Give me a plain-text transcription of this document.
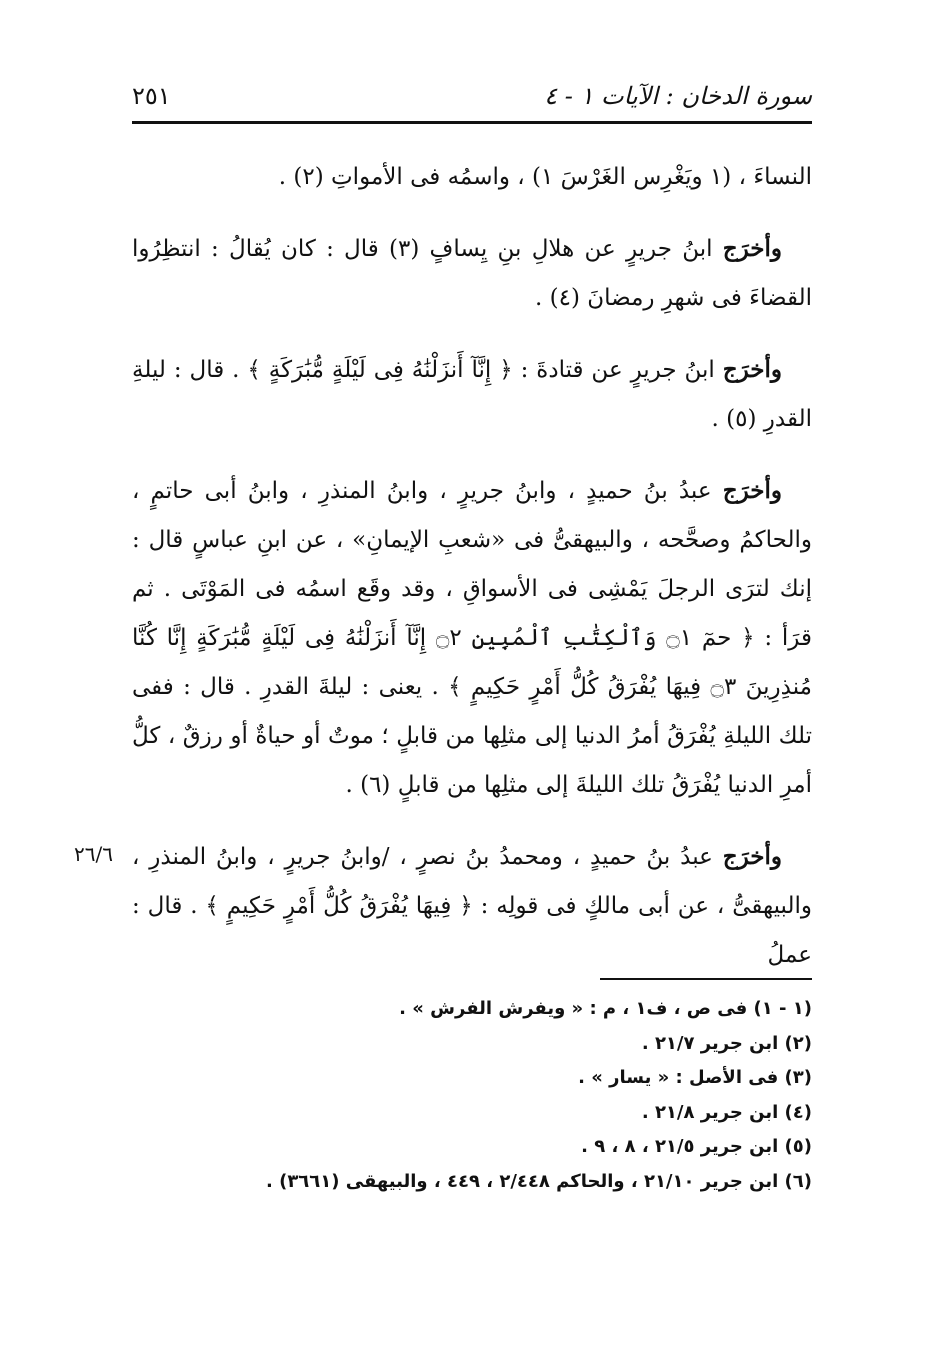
سورة الدخان : الآيات ١ - ٤
٢٥١

النساءَ ، (١ ويَغْرِس الغَرْسَ ١) ، واسمُه فى الأمواتِ (٢) .

وأخرَج ابنُ جريرٍ عن هلالِ بنِ يِسافٍ (٣) قال : كان يُقالُ : انتظِرُوا القضاءَ فى شهرِ رمضانَ (٤) .

وأخرَج ابنُ جريرٍ عن قتادةَ : ﴿ إِنَّآ أَنزَلْنَٰهُ فِى لَيْلَةٍ مُّبَٰرَكَةٍ ﴾ . قال : ليلةِ القدرِ (٥) .

وأخرَج عبدُ بنُ حميدٍ ، وابنُ جريرٍ ، وابنُ المنذرِ ، وابنُ أبى حاتمٍ ، والحاكمُ وصحَّحه ، والبيهقىُّ فى «شعبِ الإيمانِ» ، عن ابنِ عباسٍ قال : إنك لترَى الرجلَ يَمْشِى فى الأسواقِ ، وقد وقَع اسمُه فى المَوْتَى . ثم قرَأ : ﴿ حمٓ ۝١ وَٱلْكِتَٰبِ ٱلْمُبِينِ ۝٢ إِنَّآ أَنزَلْنَٰهُ فِى لَيْلَةٍ مُّبَٰرَكَةٍ إِنَّا كُنَّا مُنذِرِينَ ۝٣ فِيهَا يُفْرَقُ كُلُّ أَمْرٍ حَكِيمٍ ﴾ . يعنى : ليلةَ القدرِ . قال : ففى تلك الليلةِ يُفْرَقُ أمرُ الدنيا إلى مثلِها من قابلٍ ؛ موتٌ أو حياةٌ أو رزقٌ ، كلُّ أمرِ الدنيا يُفْرَقُ تلك الليلةَ إلى مثلِها من قابلٍ (٦) .

وأخرَج عبدُ بنُ حميدٍ ، ومحمدُ بنُ نصرٍ ، /وابنُ جريرٍ ، وابنُ المنذرِ ، والبيهقىُّ ، عن أبى مالكٍ فى قولِه : ﴿ فِيهَا يُفْرَقُ كُلُّ أَمْرٍ حَكِيمٍ ﴾ . قال : عملُ

٢٦/٦
(١ - ١) فى ص ، ف١ ، م : « ويفرش الفرش » .
(٢) ابن جرير ٢١/٧ .
(٣) فى الأصل : « يسار » .
(٤) ابن جرير ٢١/٨ .
(٥) ابن جرير ٢١/٥ ، ٨ ، ٩ .
(٦) ابن جرير ٢١/١٠ ، والحاكم ٢/٤٤٨ ، ٤٤٩ ، والبيهقى (٣٦٦١) .
